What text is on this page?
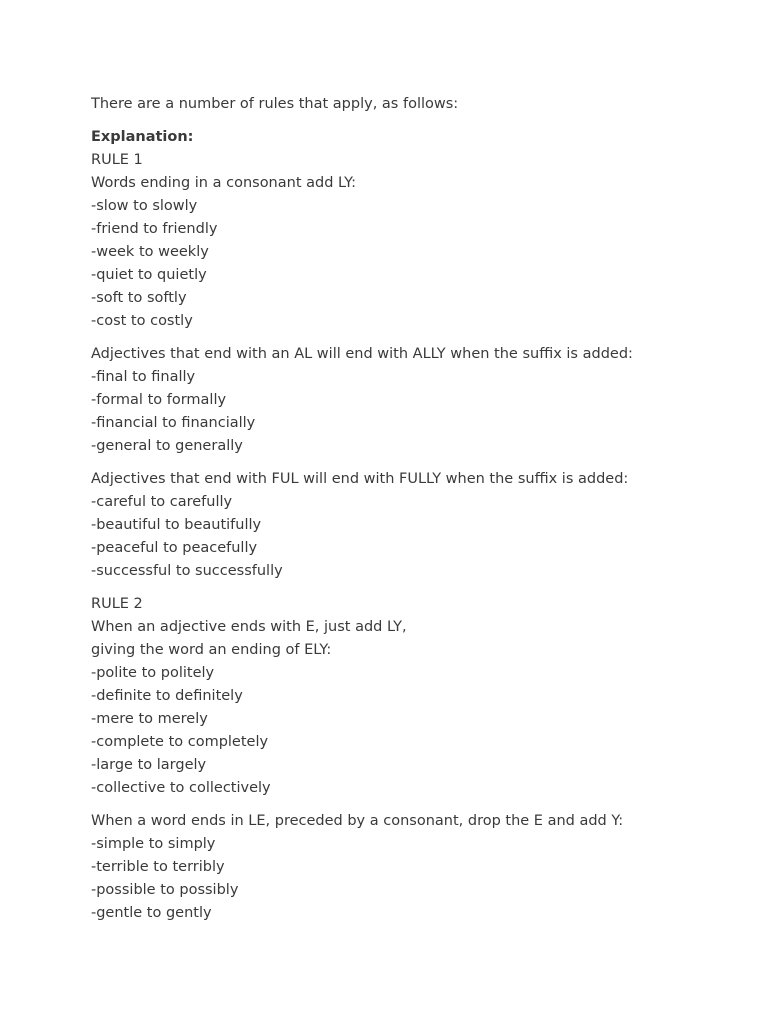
There are a number of rules that apply, as follows:
Explanation:
RULE 1
Words ending in a consonant add LY:
-slow to slowly
-friend to friendly
-week to weekly
-quiet to quietly
-soft to softly
-cost to costly
Adjectives that end with an AL will end with ALLY when the suffix is added:
-final to finally
-formal to formally
-financial to financially
-general to generally
Adjectives that end with FUL will end with FULLY when the suffix is added:
-careful to carefully
-beautiful to beautifully
-peaceful to peacefully
-successful to successfully
RULE 2
When an adjective ends with E, just add LY,
giving the word an ending of ELY:
-polite to politely
-definite to definitely
-mere to merely
-complete to completely
-large to largely
-collective to collectively
When a word ends in LE, preceded by a consonant, drop the E and add Y:
-simple to simply
-terrible to terribly
-possible to possibly
-gentle to gently
